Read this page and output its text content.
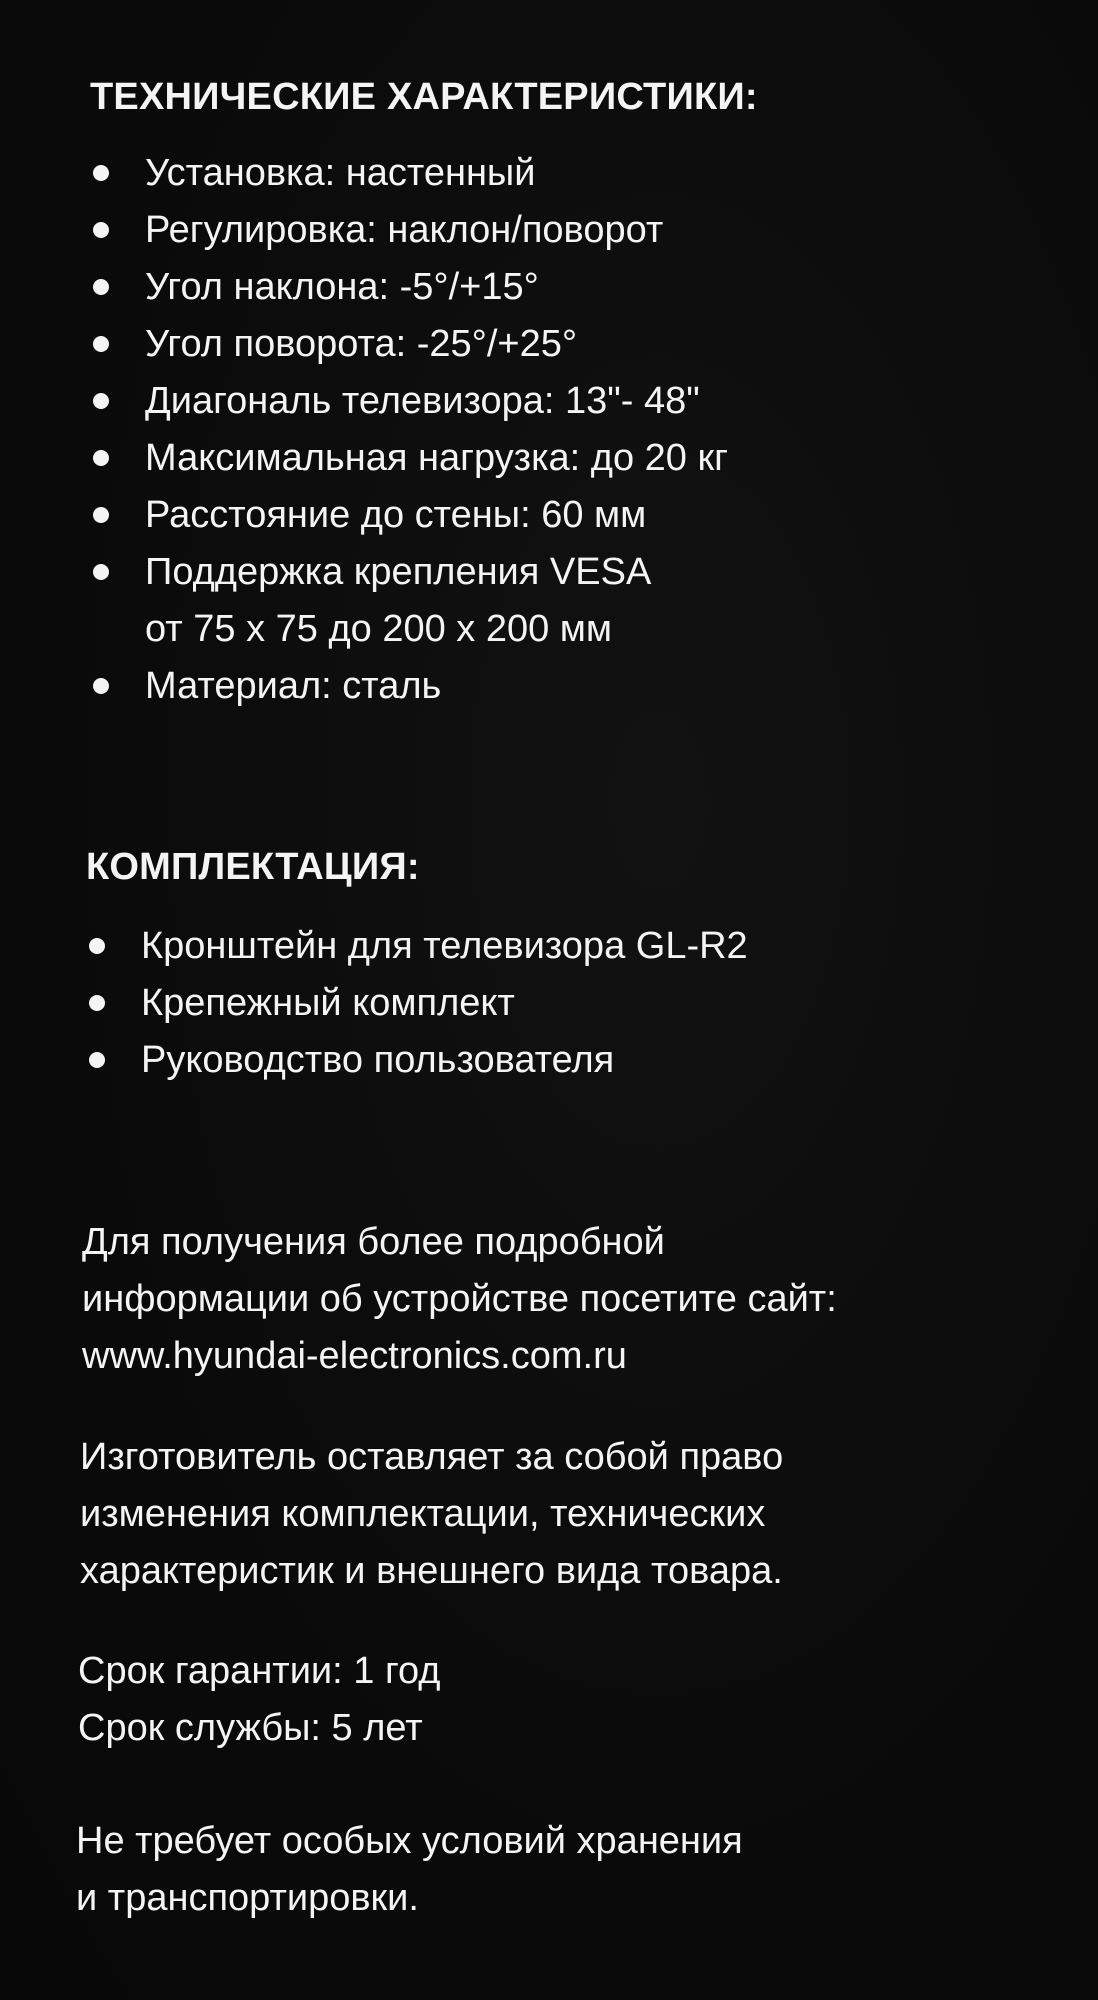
ТЕХНИЧЕСКИЕ ХАРАКТЕРИСТИКИ:
Установка: настенный
Регулировка: наклон/поворот
Угол наклона: -5°/+15°
Угол поворота: -25°/+25°
Диагональ телевизора: 13"- 48"
Максимальная нагрузка: до 20 кг
Расстояние до стены: 60 мм
Поддержка крепления VESA
от 75 х 75 до 200 х 200 мм
Материал: сталь
КОМПЛЕКТАЦИЯ:
Кронштейн для телевизора GL-R2
Крепежный комплект
Руководство пользователя
Для получения более подробной
информации об устройстве посетите сайт:
www.hyundai-electronics.com.ru
Изготовитель оставляет за собой право
изменения комплектации, технических
характеристик и внешнего вида товара.
Срок гарантии: 1 год
Срок службы: 5 лет
Не требует особых условий хранения
и транспортировки.
